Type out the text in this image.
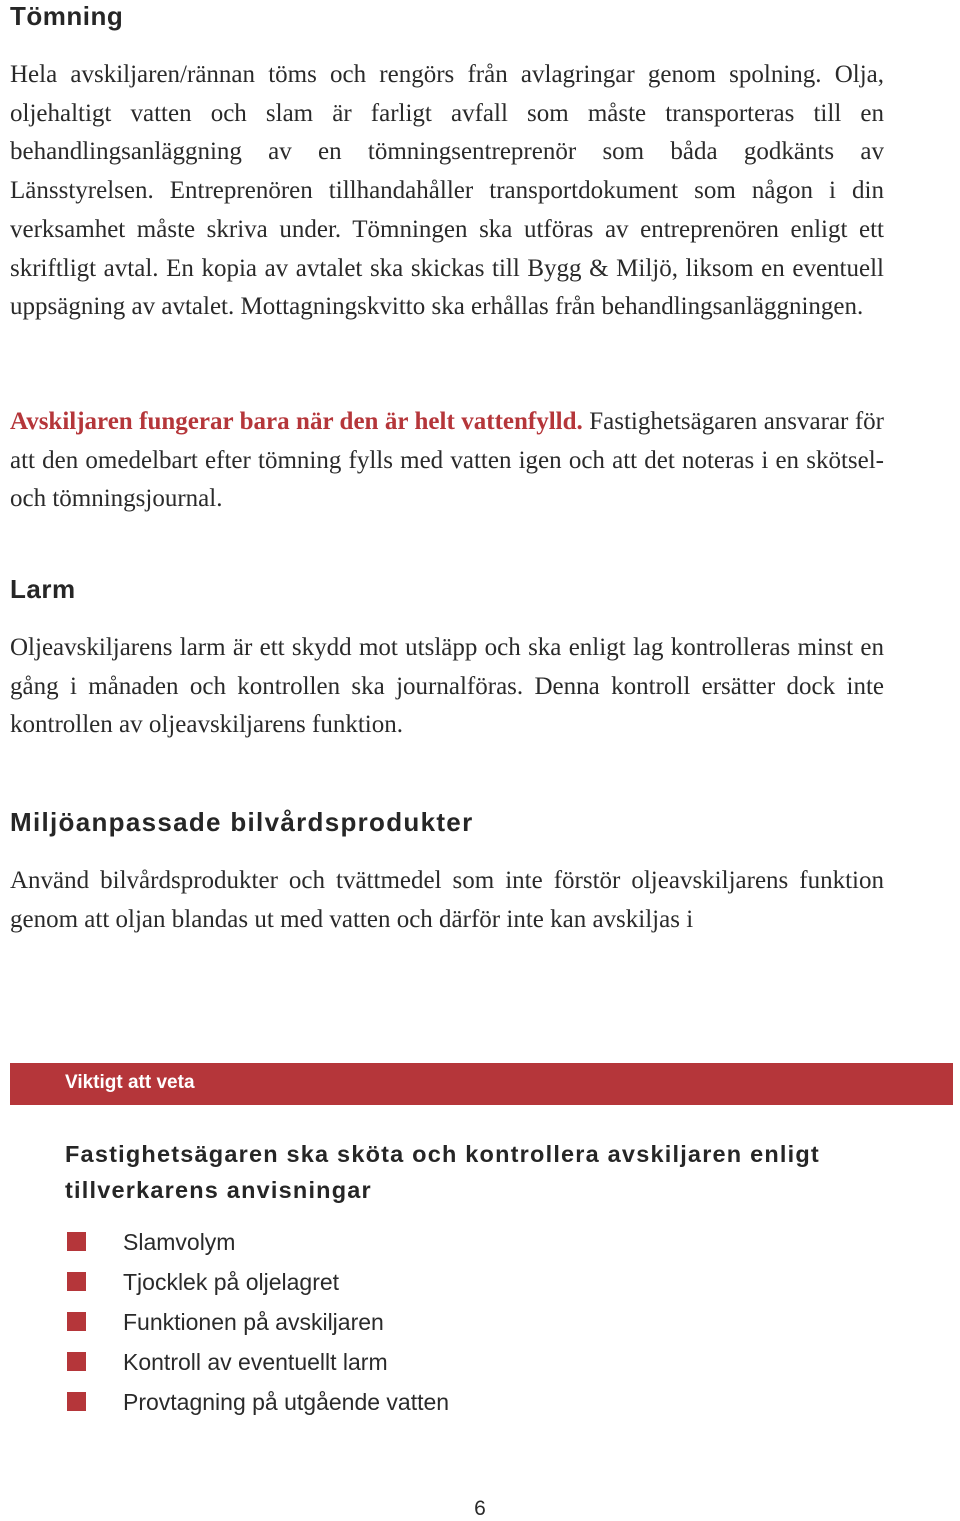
Tömning

Hela avskiljaren/rännan töms och rengörs från avlagringar genom spolning. Olja, oljehaltigt vatten och slam är farligt avfall som måste transporteras till en behandlingsanläggning av en tömningsentreprenör som båda godkänts av Länsstyrelsen. Entreprenören tillhandahåller transportdokument som någon i din verksamhet måste skriva under. Tömningen ska utföras av entreprenören enligt ett skriftligt avtal. En kopia av avtalet ska skickas till Bygg & Miljö, liksom en eventuell uppsägning av avtalet. Mottagningskvitto ska erhållas från behandlingsanläggningen.

Avskiljaren fungerar bara när den är helt vattenfylld. Fastighetsägaren ansvarar för att den omedelbart efter tömning fylls med vatten igen och att det noteras i en skötsel- och tömningsjournal.

Larm

Oljeavskiljarens larm är ett skydd mot utsläpp och ska enligt lag kontrolleras minst en gång i månaden och kontrollen ska journalföras. Denna kontroll ersätter dock inte kontrollen av oljeavskiljarens funktion.

Miljöanpassade bilvårdsprodukter

Använd bilvårdsprodukter och tvättmedel som inte förstör oljeavskiljarens funktion genom att oljan blandas ut med vatten och därför inte kan avskiljas i

Viktigt att veta

Fastighetsägaren ska sköta och kontrollera avskiljaren enligt tillverkarens anvisningar

Slamvolym
Tjocklek på oljelagret
Funktionen på avskiljaren
Kontroll av eventuellt larm
Provtagning på utgående vatten
6
